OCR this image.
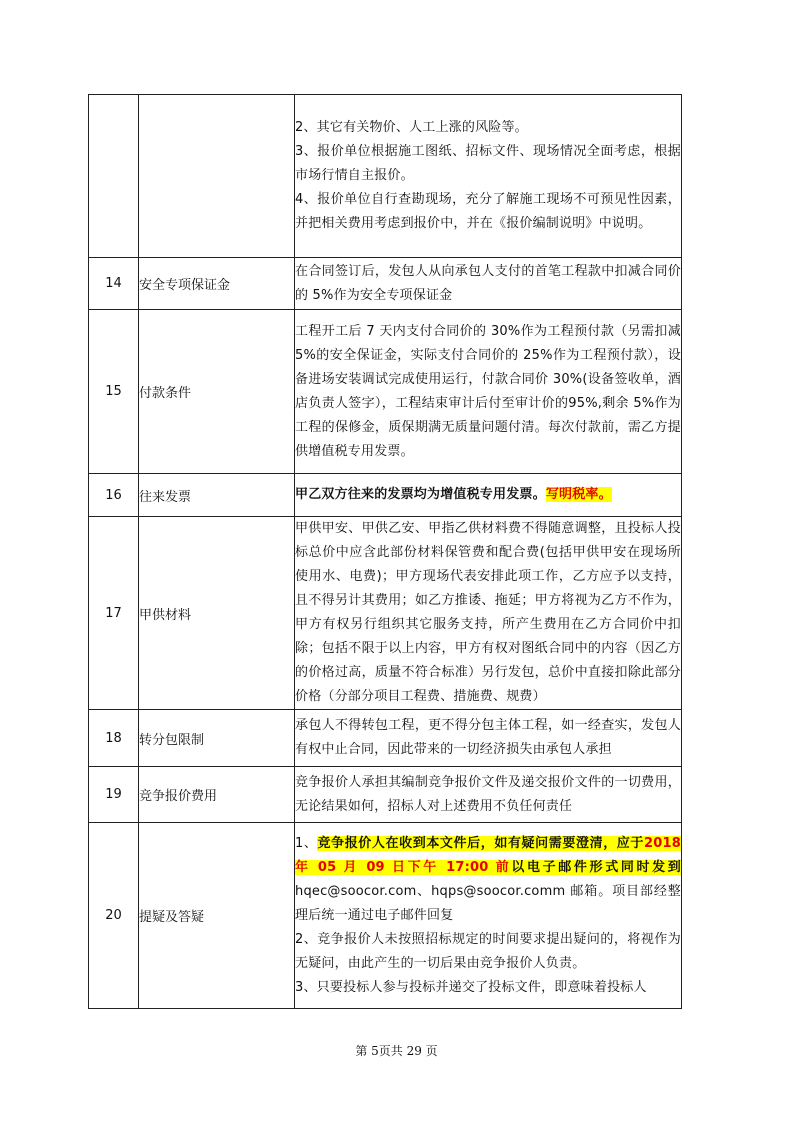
		2、其它有关物价、人工上涨的风险等。

3、报价单位根据施工图纸、招标文件、现场情况全面考虑，根据市场行情自主报价。

4、报价单位自行查勘现场，充分了解施工现场不可预见性因素，并把相关费用考虑到报价中，并在《报价编制说明》中说明。

14	安全专项保证金	在合同签订后，发包人从向承包人支付的首笔工程款中扣减合同价的 5%作为安全专项保证金
15	付款条件	工程开工后 7 天内支付合同价的 30%作为工程预付款（另需扣减 5%的安全保证金，实际支付合同价的 25%作为工程预付款），设备进场安装调试完成使用运行，付款合同价 30%(设备签收单，酒店负责人签字），工程结束审计后付至审计价的95%,剩余 5%作为工程的保修金，质保期满无质量问题付清。每次付款前，需乙方提供增值税专用发票。
16	往来发票	甲乙双方往来的发票均为增值税专用发票。写明税率。
17	甲供材料	甲供甲安、甲供乙安、甲指乙供材料费不得随意调整，且投标人投标总价中应含此部份材料保管费和配合费(包括甲供甲安在现场所使用水、电费)；甲方现场代表安排此项工作，乙方应予以支持，且不得另计其费用；如乙方推诿、拖延；甲方将视为乙方不作为，甲方有权另行组织其它服务支持，所产生费用在乙方合同价中扣除；包括不限于以上内容，甲方有权对图纸合同中的内容（因乙方的价格过高，质量不符合标准）另行发包，总价中直接扣除此部分价格（分部分项目工程费、措施费、规费）
18	转分包限制	承包人不得转包工程，更不得分包主体工程，如一经查实，发包人有权中止合同，因此带来的一切经济损失由承包人承担
19	竞争报价费用	竞争报价人承担其编制竞争报价文件及递交报价文件的一切费用，无论结果如何，招标人对上述费用不负任何责任
20	提疑及答疑	1、竞争报价人在收到本文件后，如有疑问需要澄清，应于2018 年 05 月 09 日下午 17:00 前以电子邮件形式同时发到hqec@soocor.com、hqps@soocor.comm 邮箱。项目部经整理后统一通过电子邮件回复

2、竞争报价人未按照招标规定的时间要求提出疑问的，将视作为无疑问，由此产生的一切后果由竞争报价人负责。

3、只要投标人参与投标并递交了投标文件，即意味着投标人

第 5页共 29 页
